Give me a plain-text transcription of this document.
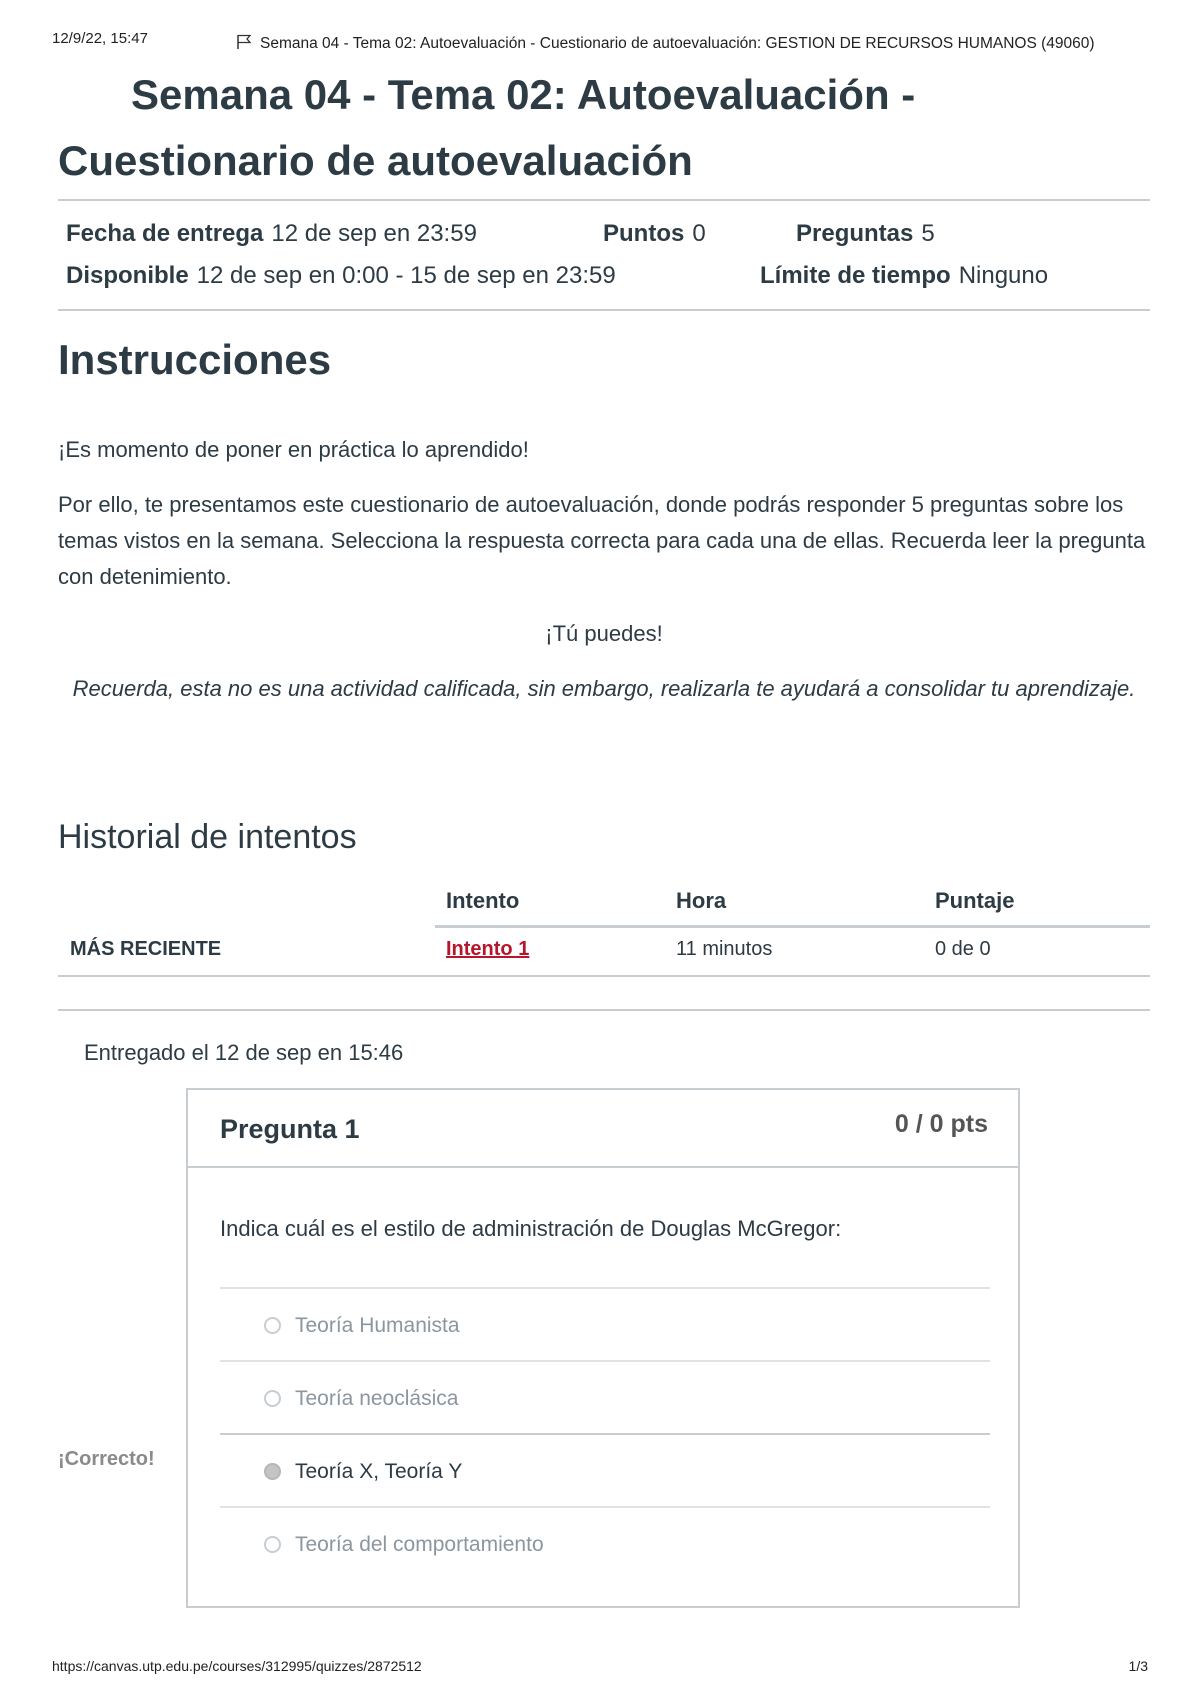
12/9/22, 15:47	Semana 04 - Tema 02: Autoevaluación - Cuestionario de autoevaluación: GESTION DE RECURSOS HUMANOS (49060)
Semana 04 - Tema 02: Autoevaluación -
Cuestionario de autoevaluación
Fecha de entrega 12 de sep en 23:59	Puntos 0	Preguntas 5
Disponible 12 de sep en 0:00 - 15 de sep en 23:59	Límite de tiempo Ninguno
Instrucciones

¡Es momento de poner en práctica lo aprendido!

Por ello, te presentamos este cuestionario de autoevaluación, donde podrás responder 5 preguntas sobre los temas vistos en la semana. Selecciona la respuesta correcta para cada una de ellas. Recuerda leer la pregunta con detenimiento.

¡Tú puedes!

Recuerda, esta no es una actividad calificada, sin embargo, realizarla te ayudará a consolidar tu aprendizaje.

Historial de intentos
Intento	Hora	Puntaje
MÁS RECIENTE	Intento 1	11 minutos	0 de 0
Entregado el 12 de sep en 15:46
¡Correcto!
Pregunta 1	0 / 0 pts
Indica cuál es el estilo de administración de Douglas McGregor:
Teoría Humanista
Teoría neoclásica
Teoría X, Teoría Y
Teoría del comportamiento
https://canvas.utp.edu.pe/courses/312995/quizzes/2872512	1/3
